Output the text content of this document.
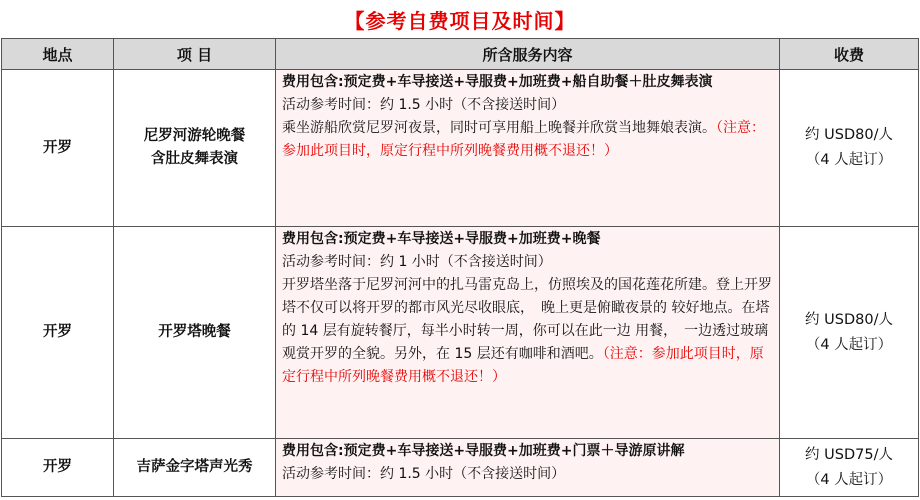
【参考自费项目及时间】
地点	项 目	所含服务内容	收费
开罗	尼罗河游轮晚餐
含肚皮舞表演	费用包含:预定费+车导接送+导服费+加班费+船自助餐＋肚皮舞表演
活动参考时间：约 1.5 小时（不含接送时间）
乘坐游船欣赏尼罗河夜景，同时可享用船上晚餐并欣赏当地舞娘表演。（注意：参加此项目时，原定行程中所列晚餐费用概不退还！）	约 USD80/人
（4 人起订）

开罗	开罗塔晚餐	费用包含:预定费+车导接送+导服费+加班费+晚餐
活动参考时间：约 1 小时（不含接送时间）
开罗塔坐落于尼罗河河中的扎马雷克岛上，仿照埃及的国花莲花所建。登上开罗塔不仅可以将开罗的都市风光尽收眼底，　晚上更是俯瞰夜景的 较好地点。在塔的 14 层有旋转餐厅，每半小时转一周，你可以在此一边 用餐，　一边透过玻璃观赏开罗的全貌。另外，在 15 层还有咖啡和酒吧。（注意：参加此项目时，原定行程中所列晚餐费用概不退还！）	约 USD80/人
（4 人起订）

开罗	吉萨金字塔声光秀	费用包含:预定费+车导接送+导服费+加班费+门票＋导游原讲解
活动参考时间：约 1.5 小时（不含接送时间）	约 USD75/人
（4 人起订）
